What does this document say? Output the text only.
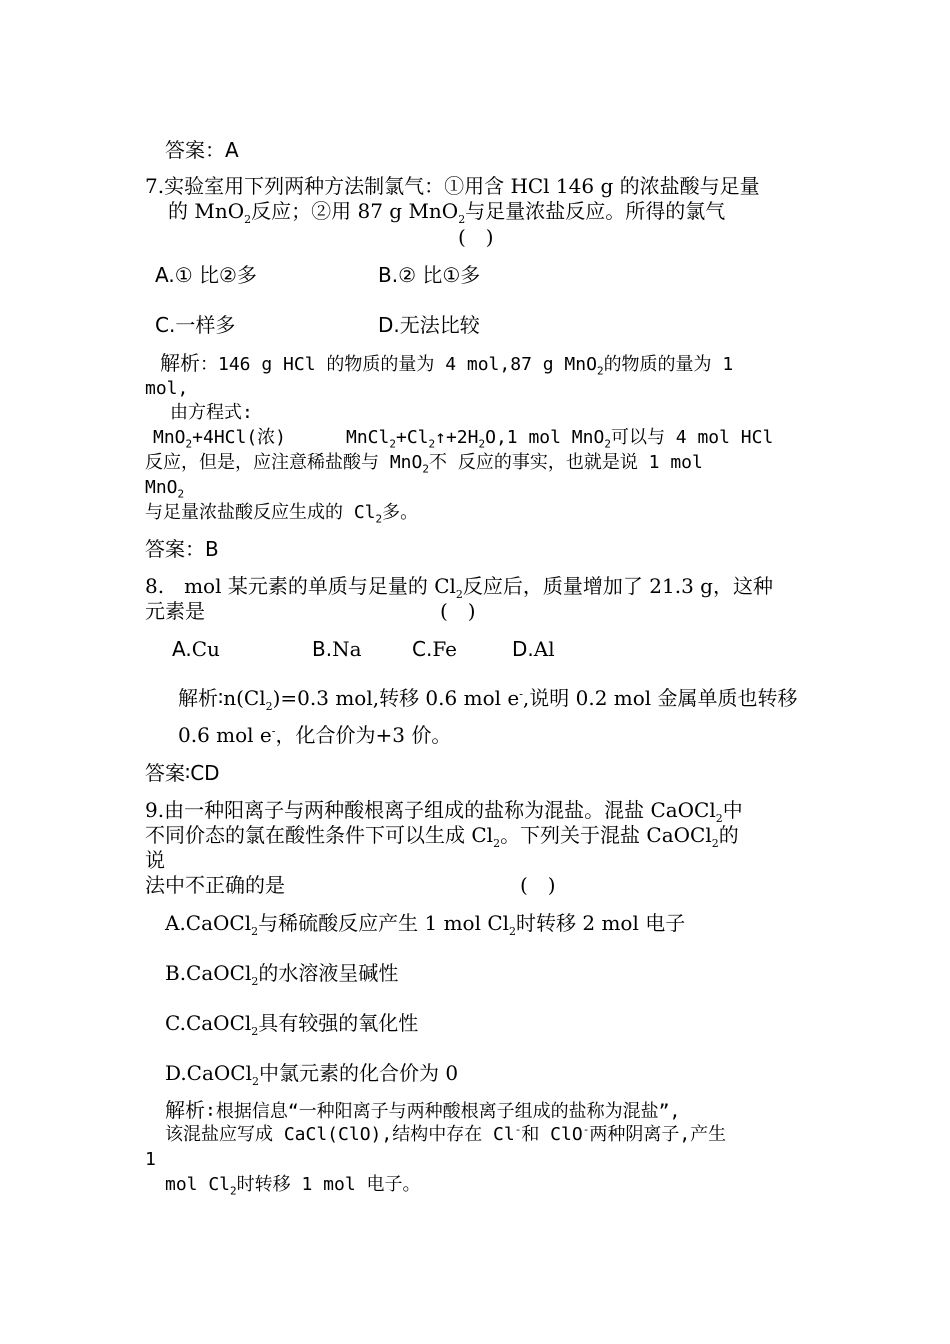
答案：A
7.实验室用下列两种方法制氯气：①用含 HCl 146 g 的浓盐酸与足量
的 MnO$_2$反应；②用 87 g MnO$_2$与足量浓盐反应。所得的氯气
(　)
A.① 比②多	B.② 比①多
C.一样多	D.无法比较
解析：146 g HCl 的物质的量为 4 mol,87 g MnO$_2$的物质的量为 1
mol,
由方程式:
MnO$_2$+4HCl(浓)	$MnCl_2+Cl_2↑+2H_2O,1$ mol MnO$_2$可以与 4 mol HCl
反应，但是，应注意稀盐酸与 MnO$_2$不 反应的事实，也就是说 1 mol
MnO$_2$
与足量浓盐酸反应生成的 $Cl_2$多。
答案：B
8.　mol 某元素的单质与足量的 $Cl_2$反应后，质量增加了 21.3 g，这种
元素是	(　)
A.Cu	B.Na	C.Fe	D.Al
解析$∶n(Cl_2)=0.3$ mol,转移 0.6 mol e-,说明 0.2 mol 金属单质也转移
0.6 mol e-，化合价为+3 价。
答案∶CD
9.由一种阳离子与两种酸根离子组成的盐称为混盐。混盐 CaOCl$_2$中
不同价态的氯在酸性条件下可以生成 $Cl_2$。下列关于混盐 CaOCl$_2$的
说
法中不正确的是	(　)
A.CaOCl$_2$与稀硫酸反应产生 1 mol $Cl_2$时转移 2 mol 电子
B.CaOCl$_2$的水溶液呈碱性
C.CaOCl$_2$具有较强的氧化性
D.CaOCl$_2$中氯元素的化合价为 0
解析∶根据信息“一种阳离子与两种酸根离子组成的盐称为混盐”,
该混盐应写成 CaCl(ClO),结构中存在 Cl-和 ClO-两种阴离子,产生
1
mol $Cl_2$时转移 1 mol 电子。
